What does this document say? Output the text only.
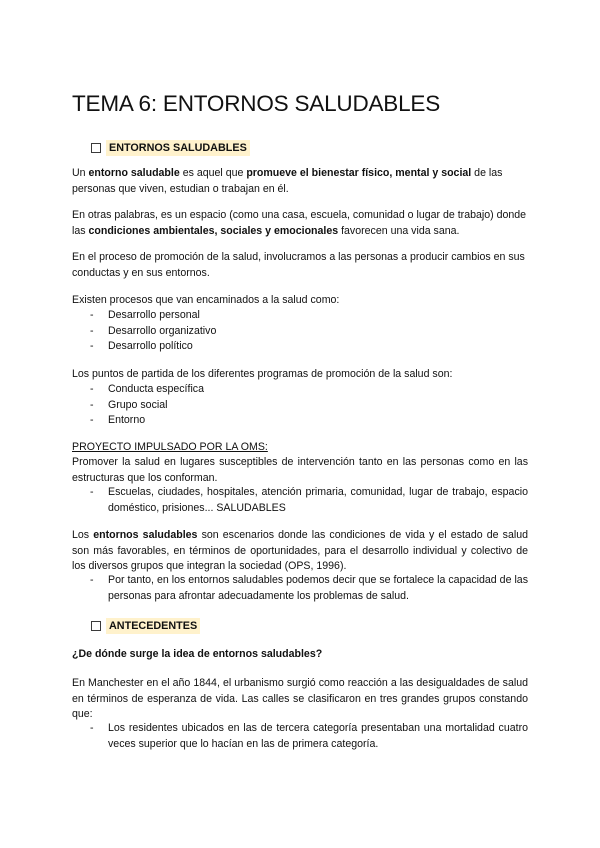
TEMA 6: ENTORNOS SALUDABLES
ENTORNOS SALUDABLES

Un entorno saludable es aquel que promueve el bienestar físico, mental y social de las personas que viven, estudian o trabajan en él.

En otras palabras, es un espacio (como una casa, escuela, comunidad o lugar de trabajo) donde las condiciones ambientales, sociales y emocionales favorecen una vida sana.

En el proceso de promoción de la salud, involucramos a las personas a producir cambios en sus conductas y en sus entornos.

Existen procesos que van encaminados a la salud como:

- Desarrollo personal
- Desarrollo organizativo
- Desarrollo político

Los puntos de partida de los diferentes programas de promoción de la salud son:

- Conducta específica
- Grupo social
- Entorno

PROYECTO IMPULSADO POR LA OMS:

Promover la salud en lugares susceptibles de intervención tanto en las personas como en las estructuras que los conforman.

- Escuelas, ciudades, hospitales, atención primaria, comunidad, lugar de trabajo, espacio doméstico, prisiones... SALUDABLES

Los entornos saludables son escenarios donde las condiciones de vida y el estado de salud son más favorables, en términos de oportunidades, para el desarrollo individual y colectivo de los diversos grupos que integran la sociedad (OPS, 1996).

- Por tanto, en los entornos saludables podemos decir que se fortalece la capacidad de las personas para afrontar adecuadamente los problemas de salud.
ANTECEDENTES

¿De dónde surge la idea de entornos saludables?

En Manchester en el año 1844, el urbanismo surgió como reacción a las desigualdades de salud en términos de esperanza de vida. Las calles se clasificaron en tres grandes grupos constando que:

- Los residentes ubicados en las de tercera categoría presentaban una mortalidad cuatro veces superior que lo hacían en las de primera categoría.
